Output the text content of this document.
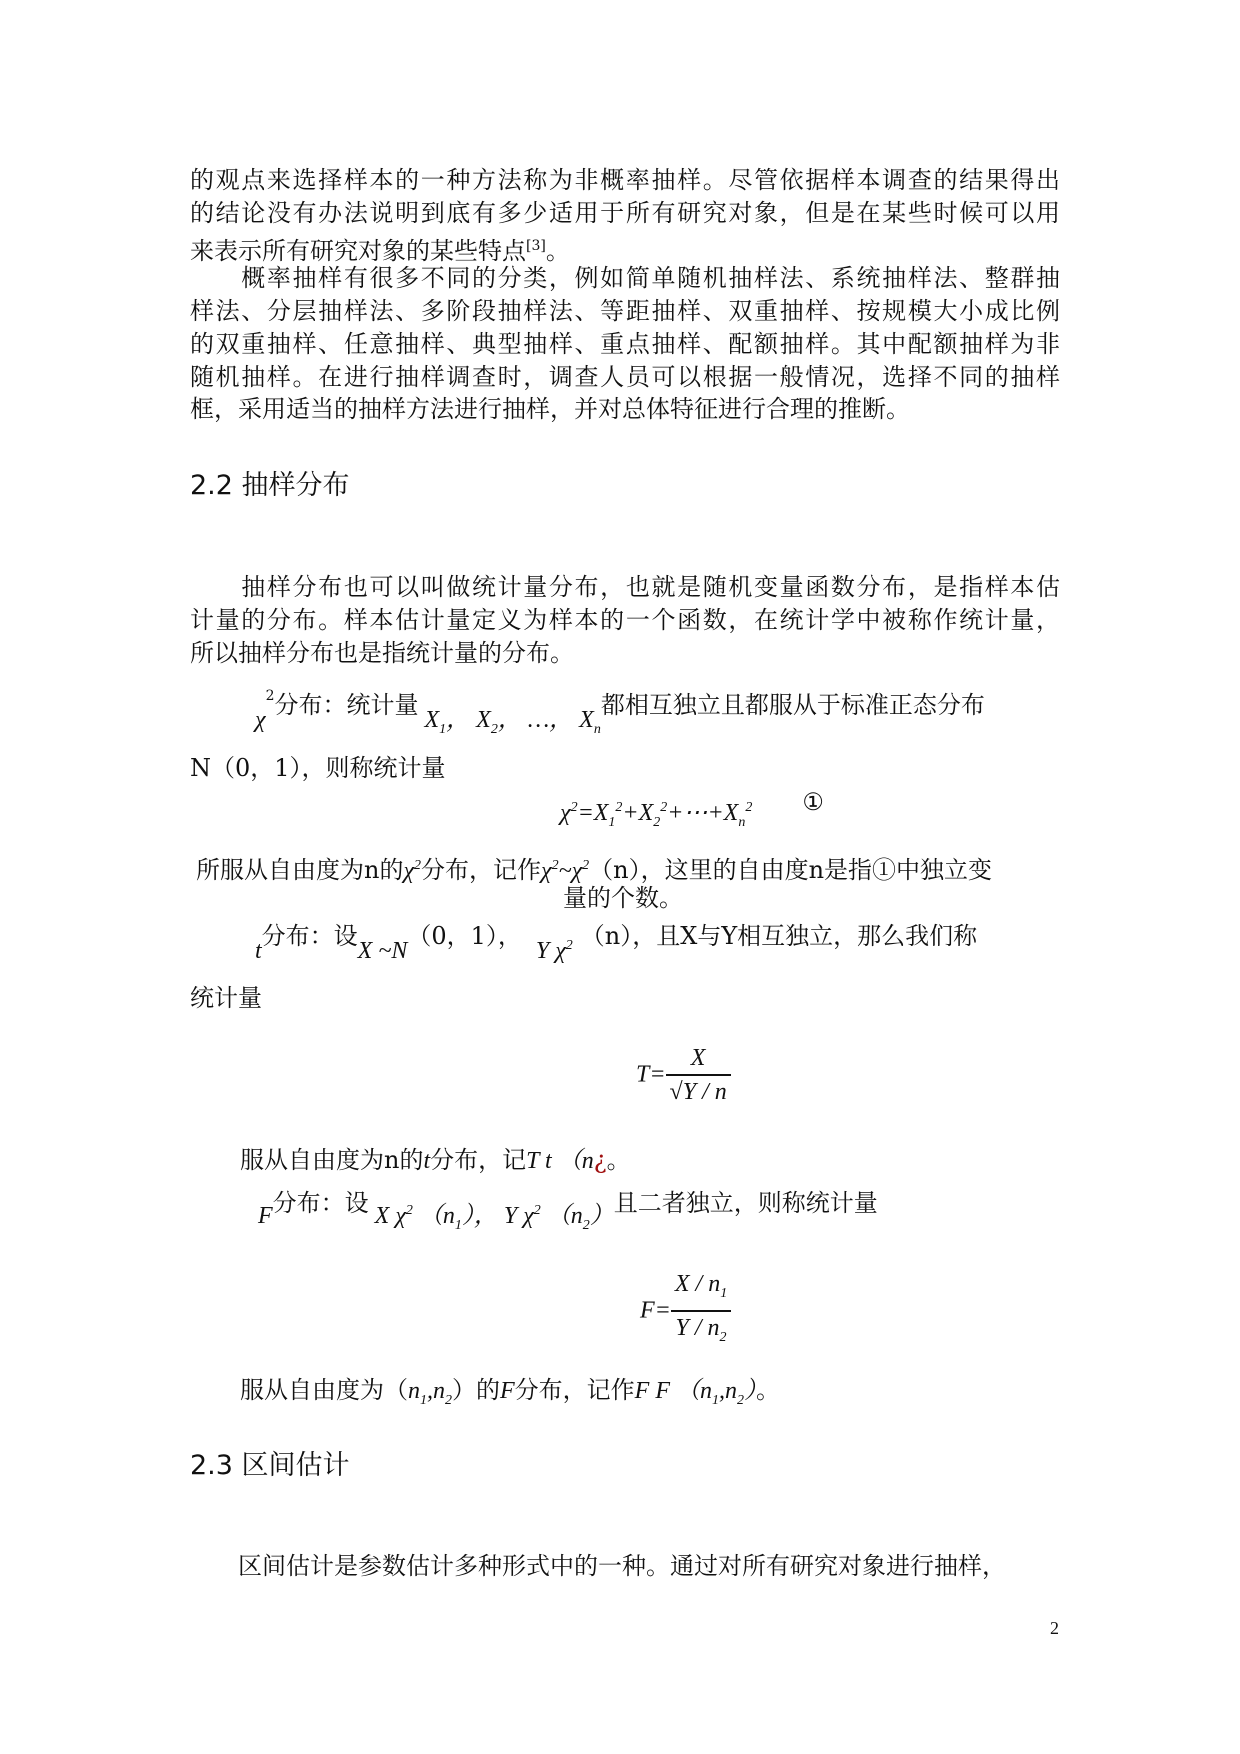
的观点来选择样本的一种方法称为非概率抽样。尽管依据样本调查的结果得出
的结论没有办法说明到底有多少适用于所有研究对象，但是在某些时候可以用
来表示所有研究对象的某些特点[3]。
　　概率抽样有很多不同的分类，例如简单随机抽样法、系统抽样法、整群抽
样法、分层抽样法、多阶段抽样法、等距抽样、双重抽样、按规模大小成比例
的双重抽样、任意抽样、典型抽样、重点抽样、配额抽样。其中配额抽样为非
随机抽样。在进行抽样调查时，调查人员可以根据一般情况，选择不同的抽样
框，采用适当的抽样方法进行抽样，并对总体特征进行合理的推断。
2.2 抽样分布
　　抽样分布也可以叫做统计量分布，也就是随机变量函数分布，是指样本估
计量的分布。样本估计量定义为样本的一个函数，在统计学中被称作统计量，
所以抽样分布也是指统计量的分布。
$\chi^2$分布：统计量 $X_1$， $X_2$， …， $X_n$都相互独立且都服从于标准正态分布
N（0，1），则称统计量
$\chi^2=X_1^2+X_2^2+\cdots+X_n^2$ ①
所服从自由度为n的$\chi^2$分布，记作$\chi^2\sim\chi^2(n)$，这里的自由度n是指①中独立变
量的个数。
t分布：设X ~N（0，1）， Y $\chi^2$ （n），且X与Y相互独立，那么我们称
统计量
$T= \frac{X}{√Y / n}$
服从自由度为n的t分布，记T t （n¿。
F分布：设 X $\chi^2$ $(n_1)$， Y $\chi^2$ $(n_2)$且二者独立，则称统计量
$F= \frac{X / n_1}{Y / n_2}$
服从自由度为$(n_1,n_2)$的F分布，记作F F $(n_1,n_2)$。
2.3 区间估计
　　区间估计是参数估计多种形式中的一种。通过对所有研究对象进行抽样，
2
